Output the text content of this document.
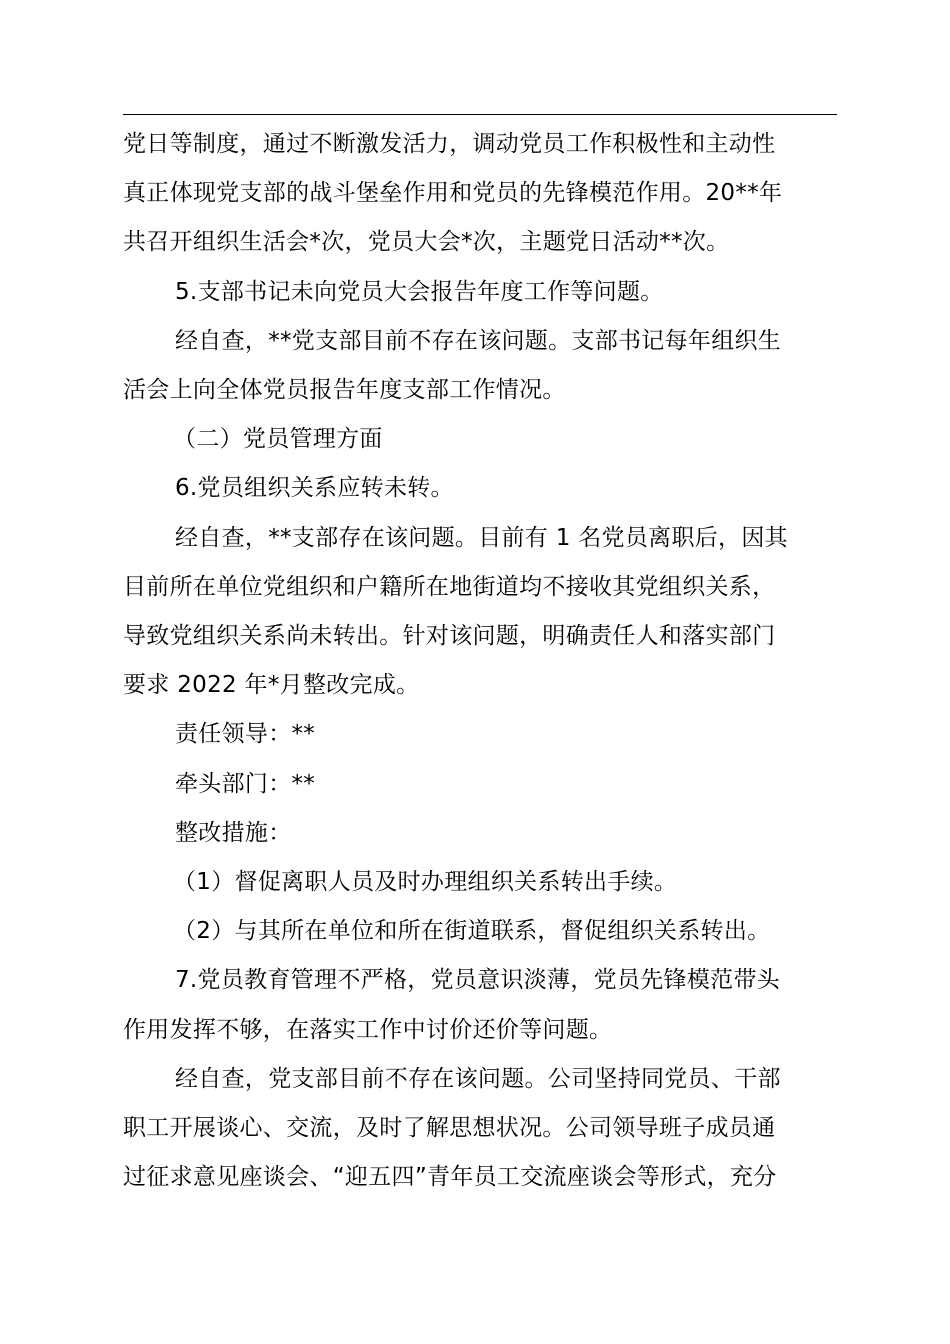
党日等制度，通过不断激发活力，调动党员工作积极性和主动性

真正体现党支部的战斗堡垒作用和党员的先锋模范作用。20**年

共召开组织生活会*次，党员大会*次，主题党日活动**次。

5.支部书记未向党员大会报告年度工作等问题。

经自查，**党支部目前不存在该问题。支部书记每年组织生

活会上向全体党员报告年度支部工作情况。

（二）党员管理方面

6.党员组织关系应转未转。

经自查，**支部存在该问题。目前有 1 名党员离职后，因其

目前所在单位党组织和户籍所在地街道均不接收其党组织关系，

导致党组织关系尚未转出。针对该问题，明确责任人和落实部门

要求 2022 年*月整改完成。

责任领导：**

牵头部门：**

整改措施：

（1）督促离职人员及时办理组织关系转出手续。

（2）与其所在单位和所在街道联系，督促组织关系转出。

7.党员教育管理不严格，党员意识淡薄，党员先锋模范带头

作用发挥不够，在落实工作中讨价还价等问题。

经自查，党支部目前不存在该问题。公司坚持同党员、干部

职工开展谈心、交流，及时了解思想状况。公司领导班子成员通

过征求意见座谈会、“迎五四”青年员工交流座谈会等形式，充分
